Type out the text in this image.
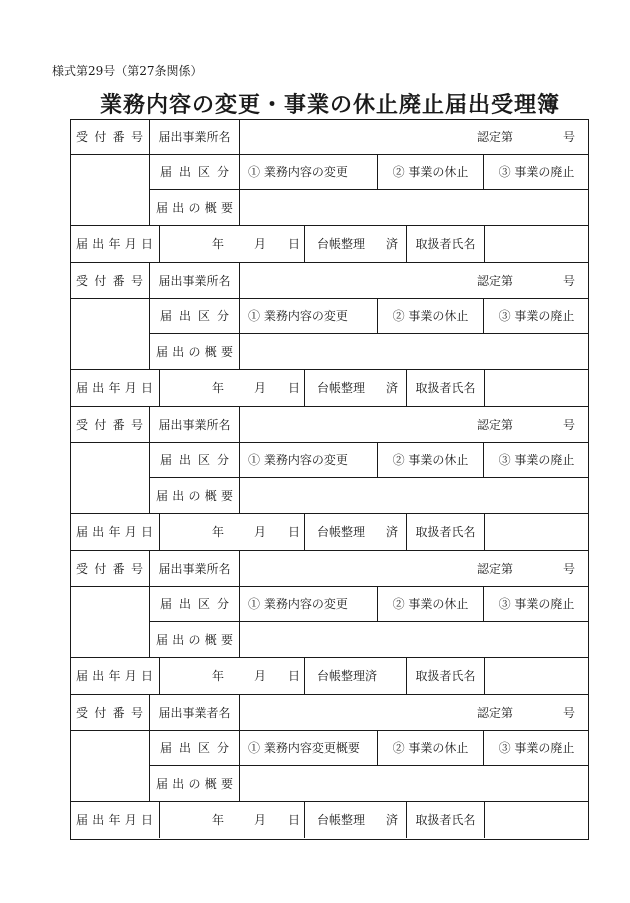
様式第29号（第27条関係）
業務内容の変更・事業の休止廃止届出受理簿
受 付 番 号	届出事業所名	認定第	号
届 出 区 分	① 業務内容の変更	② 事業の休止	③ 事業の廃止
届 出 の 概 要
届 出 年 月 日	年 月 日 台帳整理 済	取扱者氏名
受 付 番 号	届出事業所名	認定第	号
届 出 区 分	① 業務内容の変更	② 事業の休止	③ 事業の廃止
届 出 の 概 要
届 出 年 月 日	年 月 日 台帳整理 済	取扱者氏名
受 付 番 号	届出事業所名	認定第	号
届 出 区 分	① 業務内容の変更	② 事業の休止	③ 事業の廃止
届 出 の 概 要
届 出 年 月 日	年 月 日 台帳整理 済	取扱者氏名
受 付 番 号	届出事業所名	認定第	号
届 出 区 分	① 業務内容の変更	② 事業の休止	③ 事業の廃止
届 出 の 概 要
届 出 年 月 日	年 月 日 台帳整理済	取扱者氏名
受 付 番 号	届出事業者名	認定第	号
届 出 区 分	① 業務内容変更概要	② 事業の休止	③ 事業の廃止
届 出 の 概 要
届 出 年 月 日	年 月 日 台帳整理 済	取扱者氏名
